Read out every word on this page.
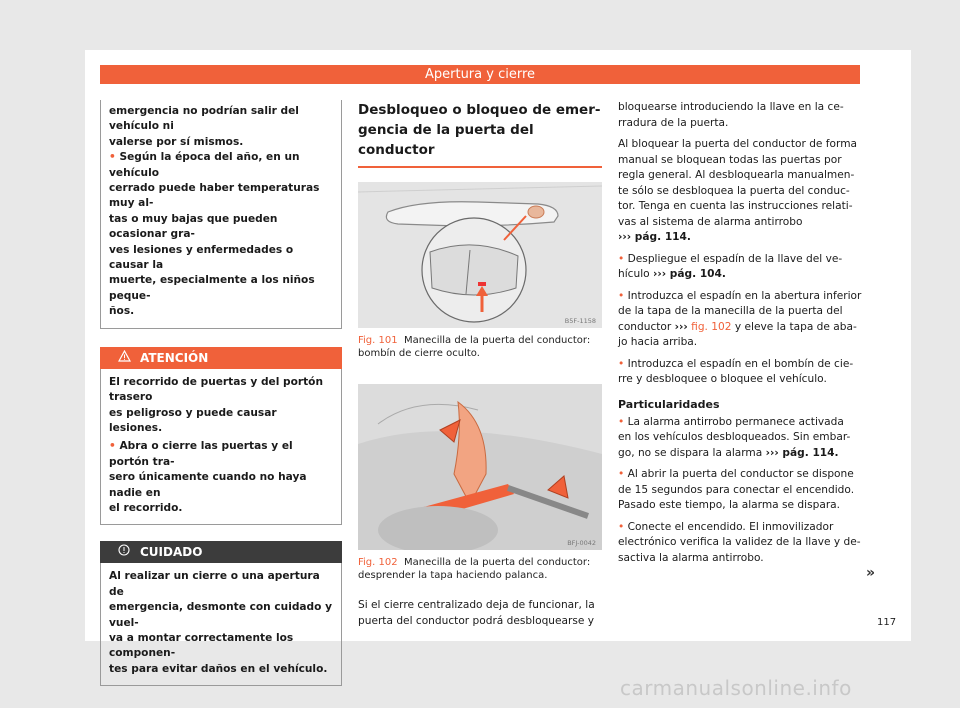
Apertura y cierre

emergencia no podrían salir del vehículo ni
valerse por sí mismos.

• Según la época del año, en un vehículo
cerrado puede haber temperaturas muy al-
tas o muy bajas que pueden ocasionar gra-
ves lesiones y enfermedades o causar la
muerte, especialmente a los niños peque-
ños.

ATENCIÓN

El recorrido de puertas y del portón trasero
es peligroso y puede causar lesiones.

• Abra o cierre las puertas y el portón tra-
sero únicamente cuando no haya nadie en
el recorrido.

CUIDADO

Al realizar un cierre o una apertura de
emergencia, desmonte con cuidado y vuel-
va a montar correctamente los componen-
tes para evitar daños en el vehículo.

Desbloqueo o bloqueo de emer-
gencia de la puerta del conductor
B5F-1158
Fig. 101 Manecilla de la puerta del conductor:
bombín de cierre oculto.
BFJ-0042
Fig. 102 Manecilla de la puerta del conductor:
desprender la tapa haciendo palanca.

Si el cierre centralizado deja de funcionar, la
puerta del conductor podrá desbloquearse y

bloquearse introduciendo la llave en la ce-
rradura de la puerta.

Al bloquear la puerta del conductor de forma
manual se bloquean todas las puertas por
regla general. Al desbloquearla manualmen-
te sólo se desbloquea la puerta del conduc-
tor. Tenga en cuenta las instrucciones relati-
vas al sistema de alarma antirrobo
››› pág. 114.

• Despliegue el espadín de la llave del ve-
hículo ››› pág. 104.

• Introduzca el espadín en la abertura inferior
de la tapa de la manecilla de la puerta del
conductor ››› fig. 102 y eleve la tapa de aba-
jo hacia arriba.

• Introduzca el espadín en el bombín de cie-
rre y desbloquee o bloquee el vehículo.

Particularidades

• La alarma antirrobo permanece activada
en los vehículos desbloqueados. Sin embar-
go, no se dispara la alarma ››› pág. 114.

• Al abrir la puerta del conductor se dispone
de 15 segundos para conectar el encendido.
Pasado este tiempo, la alarma se dispara.

• Conecte el encendido. El inmovilizador
electrónico verifica la validez de la llave y de-
sactiva la alarma antirrobo.

»
117
carmanualsonline.info
